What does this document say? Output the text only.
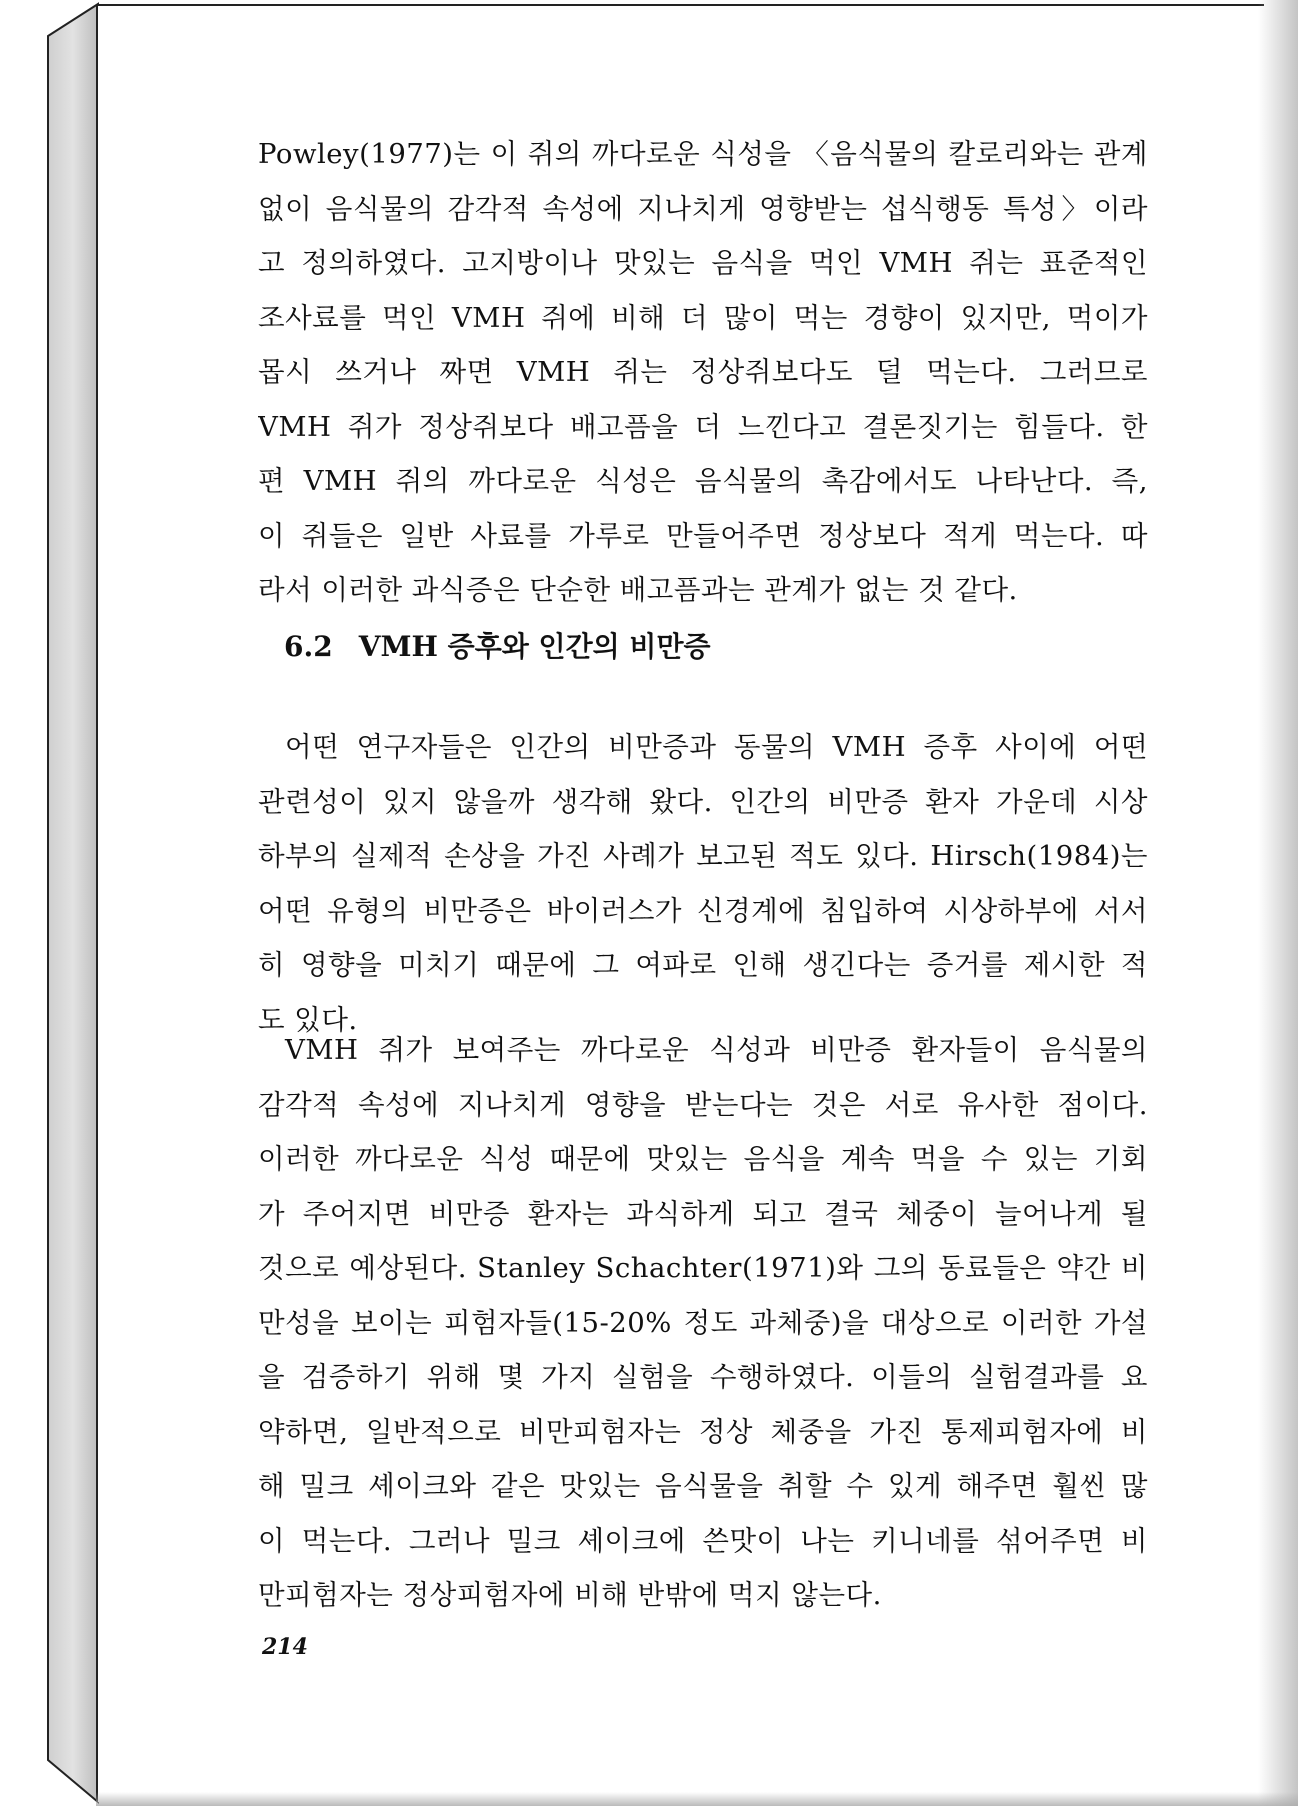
Powley(1977)는 이 쥐의 까다로운 식성을 〈음식물의 칼로리와는 관계
없이 음식물의 감각적 속성에 지나치게 영향받는 섭식행동 특성〉이라
고 정의하였다. 고지방이나 맛있는 음식을 먹인 VMH 쥐는 표준적인
조사료를 먹인 VMH 쥐에 비해 더 많이 먹는 경향이 있지만, 먹이가
몹시 쓰거나 짜면 VMH 쥐는 정상쥐보다도 덜 먹는다. 그러므로
VMH 쥐가 정상쥐보다 배고픔을 더 느낀다고 결론짓기는 힘들다. 한
편 VMH 쥐의 까다로운 식성은 음식물의 촉감에서도 나타난다. 즉,
이 쥐들은 일반 사료를 가루로 만들어주면 정상보다 적게 먹는다. 따
라서 이러한 과식증은 단순한 배고픔과는 관계가 없는 것 같다.
6.2 VMH 증후와 인간의 비만증
어떤 연구자들은 인간의 비만증과 동물의 VMH 증후 사이에 어떤
관련성이 있지 않을까 생각해 왔다. 인간의 비만증 환자 가운데 시상
하부의 실제적 손상을 가진 사례가 보고된 적도 있다. Hirsch(1984)는
어떤 유형의 비만증은 바이러스가 신경계에 침입하여 시상하부에 서서
히 영향을 미치기 때문에 그 여파로 인해 생긴다는 증거를 제시한 적
도 있다.
VMH 쥐가 보여주는 까다로운 식성과 비만증 환자들이 음식물의
감각적 속성에 지나치게 영향을 받는다는 것은 서로 유사한 점이다.
이러한 까다로운 식성 때문에 맛있는 음식을 계속 먹을 수 있는 기회
가 주어지면 비만증 환자는 과식하게 되고 결국 체중이 늘어나게 될
것으로 예상된다. Stanley Schachter(1971)와 그의 동료들은 약간 비
만성을 보이는 피험자들(15-20% 정도 과체중)을 대상으로 이러한 가설
을 검증하기 위해 몇 가지 실험을 수행하였다. 이들의 실험결과를 요
약하면, 일반적으로 비만피험자는 정상 체중을 가진 통제피험자에 비
해 밀크 셰이크와 같은 맛있는 음식물을 취할 수 있게 해주면 훨씬 많
이 먹는다. 그러나 밀크 셰이크에 쓴맛이 나는 키니네를 섞어주면 비
만피험자는 정상피험자에 비해 반밖에 먹지 않는다.
214
